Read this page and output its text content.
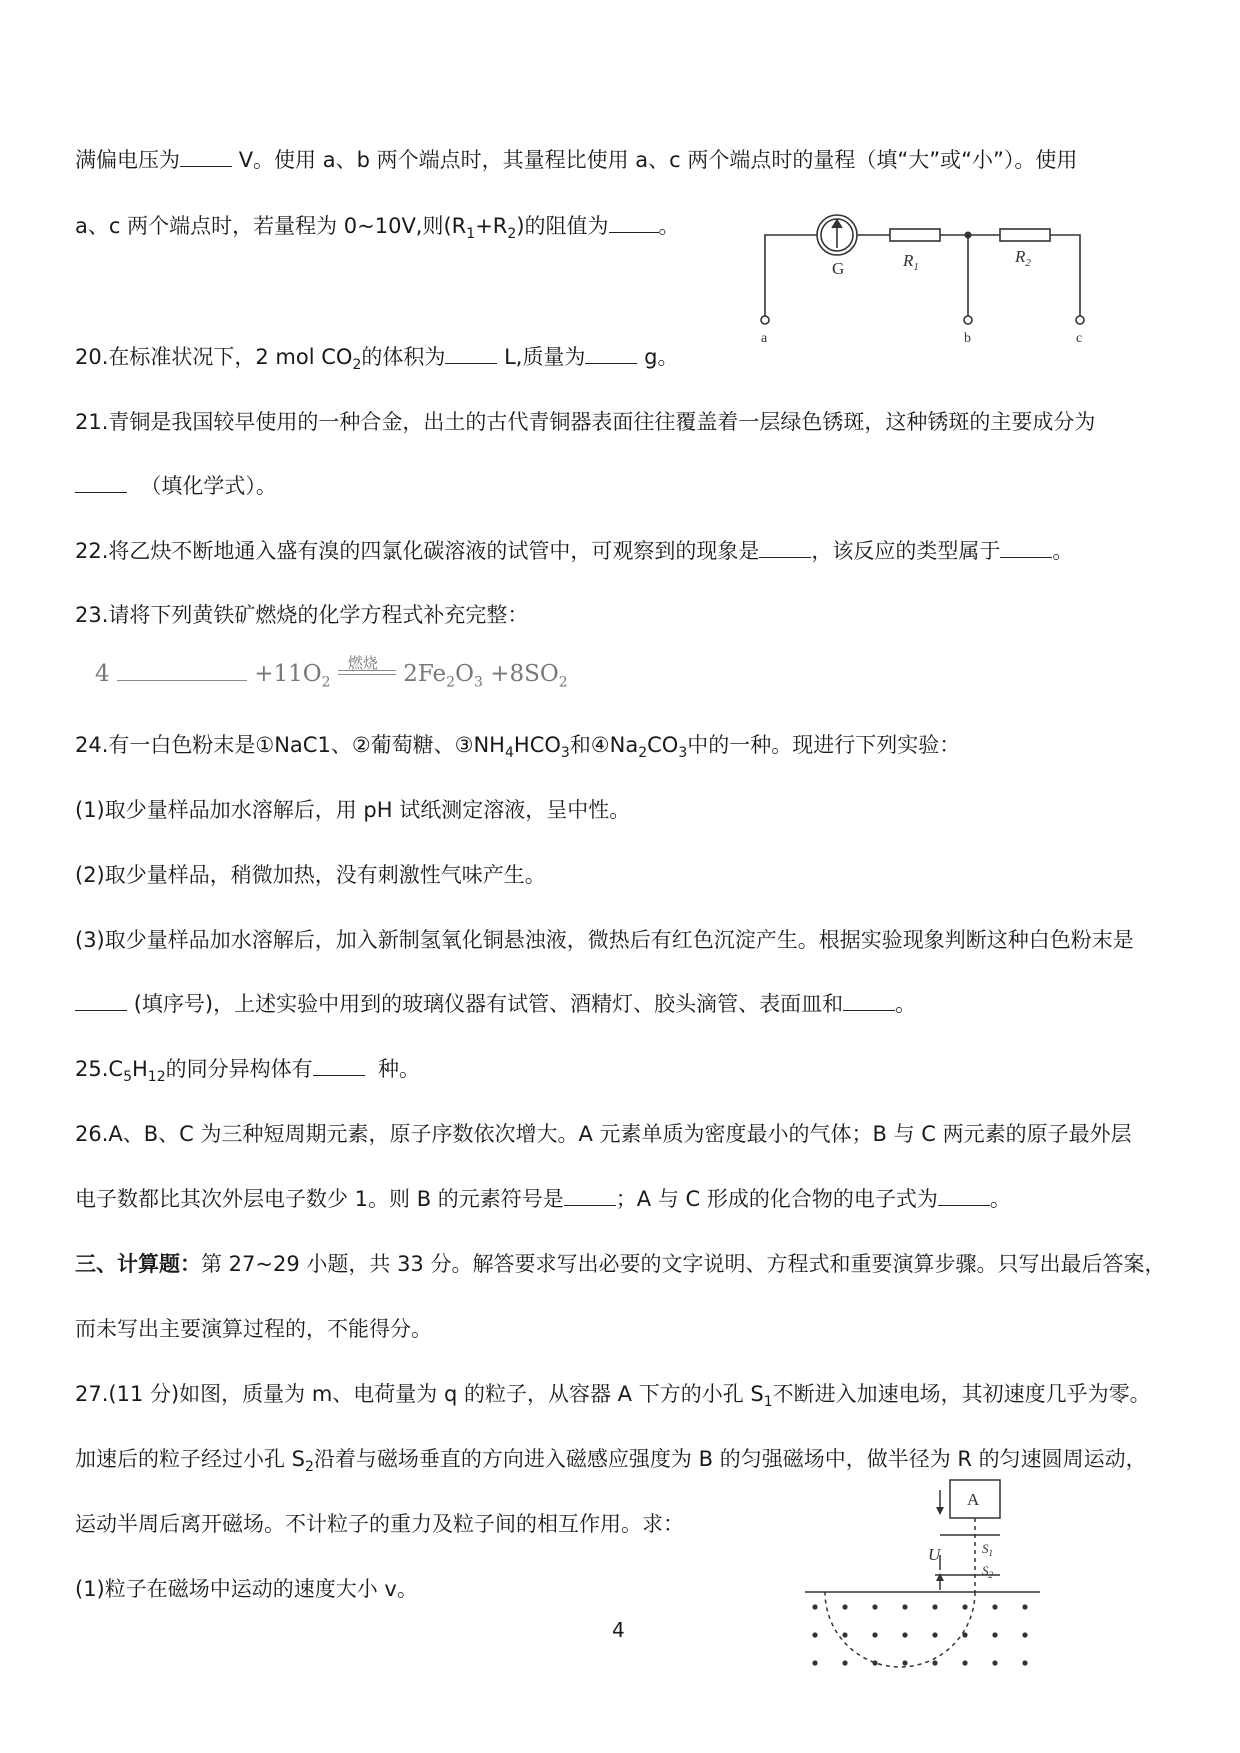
满偏电压为	V。使用 a、b 两个端点时，其量程比使用 a、c 两个端点时的量程（填“大”或“小”）。使用
a、c 两个端点时，若量程为 0~10V,则$(R_1+R_2)$的阻值为 。
G	$R_1$
$R_2$
a	b	c
20.在标准状况下，2 mol $CO_2$的体积为	L,质量为	g。
21.青铜是我国较早使用的一种合金，出土的古代青铜器表面往往覆盖着一层绿色锈斑，这种锈斑的主要成分为
（填化学式）。
22.将乙炔不断地通入盛有溴的四氯化碳溶液的试管中，可观察到的现象是 ，该反应的类型属于 。
23.请将下列黄铁矿燃烧的化学方程式补充完整：
4	$+11O_2$
燃烧 $2Fe_2O_3 +8SO_2$
24.有一白色粉末是①NaC1、②葡萄糖、$③NH_4HCO_3$和$④Na_2CO_3$中的一种。现进行下列实验：
(1)取少量样品加水溶解后，用 pH 试纸测定溶液，呈中性。
(2)取少量样品，稍微加热，没有刺激性气味产生。
(3)取少量样品加水溶解后，加入新制氢氧化铜悬浊液，微热后有红色沉淀产生。根据实验现象判断这种白色粉末是
(填序号)，上述实验中用到的玻璃仪器有试管、酒精灯、胶头滴管、表面皿和 。
$25.C_5H_{12}$的同分异构体有	种。
26.A、B、C 为三种短周期元素，原子序数依次增大。A 元素单质为密度最小的气体；B 与 C 两元素的原子最外层
电子数都比其次外层电子数少 1。则 B 的元素符号是 ；A 与 C 形成的化合物的电子式为 。
三、计算题：第 27~29 小题，共 33 分。解答要求写出必要的文字说明、方程式和重要演算步骤。只写出最后答案，
而未写出主要演算过程的，不能得分。
27.(11 分)如图，质量为 m、电荷量为 q 的粒子，从容器 A 下方的小孔 $S_1$不断进入加速电场，其初速度几乎为零。
加速后的粒子经过小孔 $S_2$沿着与磁场垂直的方向进入磁感应强度为 B 的匀强磁场中，做半径为 R 的匀速圆周运动，
运动半周后离开磁场。不计粒子的重力及粒子间的相互作用。求：
(1)粒子在磁场中运动的速度大小 v。
A
U	$S_1$
$S_2$
4
